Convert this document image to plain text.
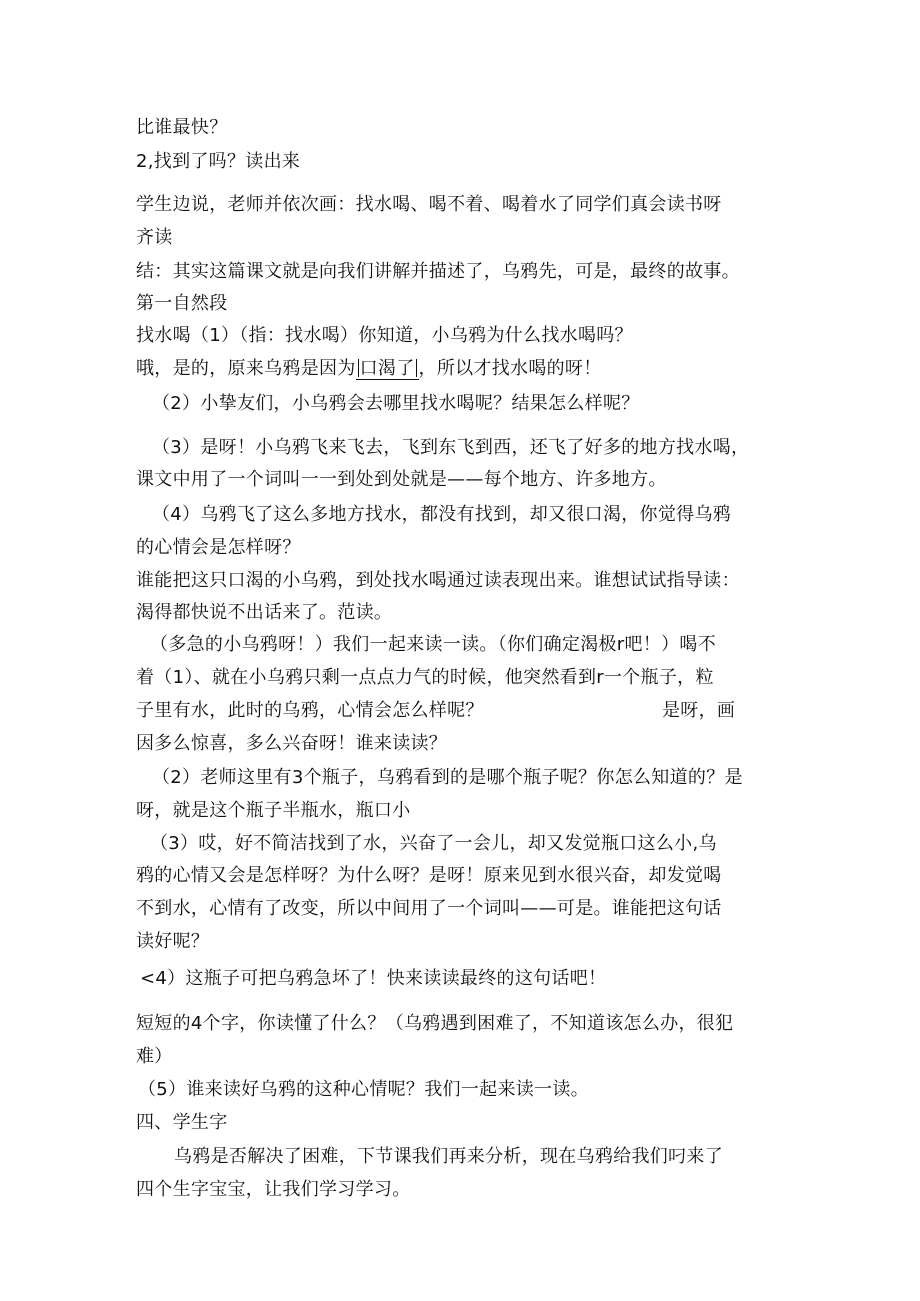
比谁最快？
2,找到了吗？读出来
学生边说，老师并依次画：找水喝、喝不着、喝着水了同学们真会读书呀
齐读
结：其实这篇课文就是向我们讲解并描述了，乌鸦先，可是，最终的故事。
第一自然段
找水喝（1）（指：找水喝）你知道，小乌鸦为什么找水喝吗？
哦，是的，原来乌鸦是因为 口渴了 ，所以才找水喝的呀！
（2）小挚友们，小乌鸦会去哪里找水喝呢？结果怎么样呢？
（3）是呀！小乌鸦飞来飞去，飞到东飞到西，还飞了好多的地方找水喝，
课文中用了一个词叫一一到处到处就是——每个地方、许多地方。
（4）乌鸦飞了这么多地方找水，都没有找到，却又很口渴，你觉得乌鸦
的心情会是怎样呀？
谁能把这只口渴的小乌鸦，到处找水喝通过读表现出来。谁想试试指导读：
渴得都快说不出话来了。范读。
（多急的小乌鸦呀！）我们一起来读一读。（你们确定渴极r吧！）喝不
着（1）、就在小乌鸦只剩一点点力气的时候，他突然看到r一个瓶子，粒
子里有水，此时的乌鸦，心情会怎么样呢？	是呀，画
因多么惊喜，多么兴奋呀！谁来读读？
（2）老师这里有3个瓶子，乌鸦看到的是哪个瓶子呢？你怎么知道的？是
呀，就是这个瓶子半瓶水，瓶口小
（3）哎，好不简洁找到了水，兴奋了一会儿，却又发觉瓶口这么小,乌
鸦的心情又会是怎样呀？为什么呀？是呀！原来见到水很兴奋，却发觉喝
不到水，心情有了改变，所以中间用了一个词叫——可是。谁能把这句话
读好呢？
<4）这瓶子可把乌鸦急坏了！快来读读最终的这句话吧！
短短的4个字，你读懂了什么？（乌鸦遇到困难了，不知道该怎么办，很犯
难）
（5）谁来读好乌鸦的这种心情呢？我们一起来读一读。
四、学生字
乌鸦是否解决了困难，下节课我们再来分析，现在乌鸦给我们叼来了
四个生字宝宝，让我们学习学习。
